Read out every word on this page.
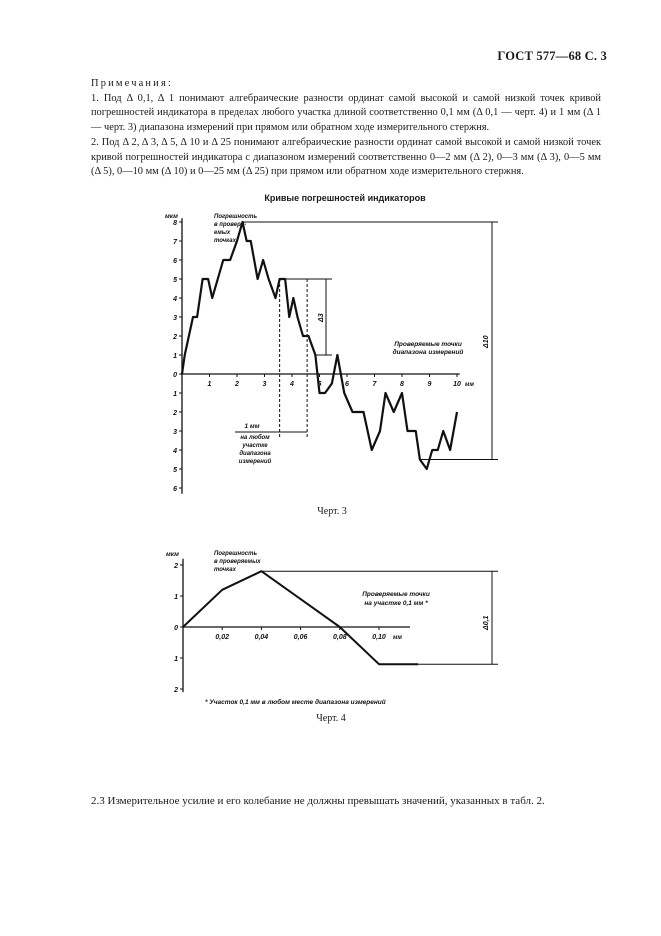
ГОСТ 577—68 С. 3

Примечания:

1. Под Δ 0,1, Δ 1 понимают алгебраические разности ординат самой высокой и самой низкой точек кривой погрешностей индикатора в пределах любого участка длиной соответственно 0,1 мм (Δ 0,1 — черт. 4) и 1 мм (Δ 1 — черт. 3) диапазона измерений при прямом или обратном ходе измерительного стержня.

2. Под Δ 2, Δ 3, Δ 5, Δ 10 и Δ 25 понимают алгебраические разности ординат самой высокой и самой низкой точек кривой погрешностей индикатора с диапазоном измерений соответственно 0—2 мм (Δ 2), 0—3 мм (Δ 3), 0—5 мм (Δ 5), 0—10 мм (Δ 10) и 0—25 мм (Δ 25) при прямом или обратном ходе измерительного стержня.

Кривые погрешностей индикаторов
8
7
6
5
4
3
2
1
0
1
2
3
4
5
6
1	2	3	4	5	6	7	8	9	10 мм
мкм	Погрешность
в проверя-
емых
точках
Проверяемые точки
диапазона измерений
Δ10
Δ3
1 мм
на любом
участке
диапазона
измерений
2
1
0
1
2
0,02	0,04	0,06	0,08	0,10 мм
мкм	Погрешность
в проверяемых
точках
Проверяемые точки
на участке 0,1 мм *
Δ0,1
* Участок 0,1 мм в любом месте диапазона измерений
Черт. 3
Черт. 4

2.3 Измерительное усилие и его колебание не должны превышать значений, указанных в табл. 2.
